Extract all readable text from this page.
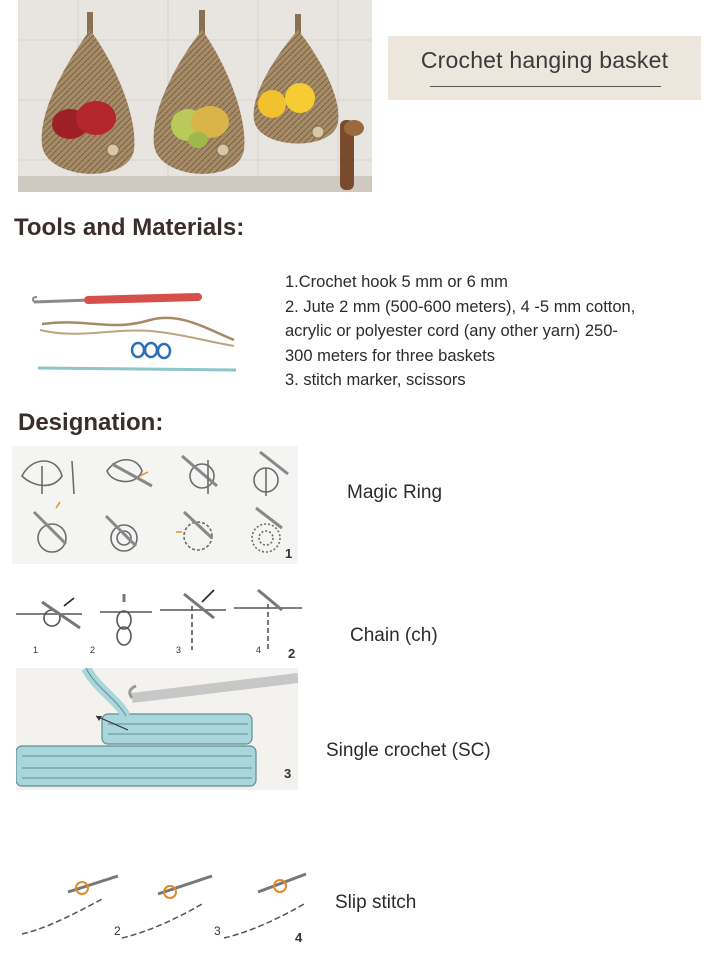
Crochet hanging basket
Tools and Materials:
1.Crochet hook 5 mm or 6 mm
2. Jute 2 mm (500-600 meters), 4 -5 mm cotton,
acrylic or polyester cord (any other yarn) 250-
300 meters for three baskets
3. stitch marker, scissors
Designation:
1
Magic Ring
1	2	3	4 2
Chain (ch)
3
Single crochet (SC)
2	3	4
Slip stitch
